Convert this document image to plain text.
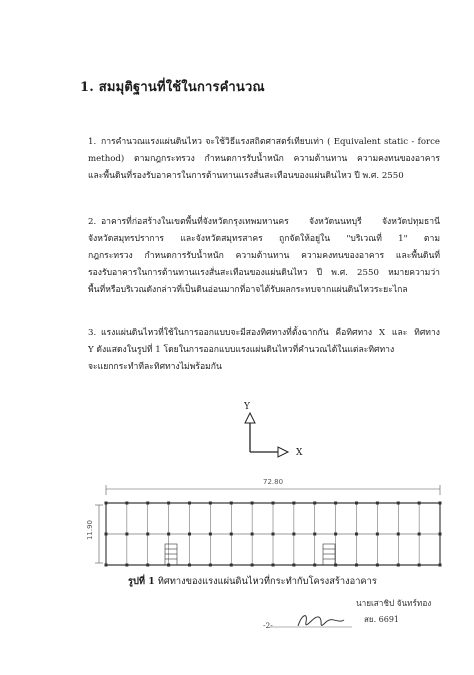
1. สมมุติฐานที่ใช้ในการคำนวณ
1. การคำนวณแรงแผ่นดินไหว จะใช้วิธีแรงสถิตศาสตร์เทียบเท่า ( Equivalent static - force
method) ตามกฎกระทรวง กำหนดการรับน้ำหนัก ความต้านทาน ความคงทนของอาคาร
และพื้นดินที่รองรับอาคารในการต้านทานแรงสั่นสะเทือนของแผ่นดินไหว ปี พ.ศ. 2550
2. อาคารที่ก่อสร้างในเขตพื้นที่จังหวัดกรุงเทพมหานคร จังหวัดนนทบุรี จังหวัดปทุมธานี
จังหวัดสมุทรปราการ และจังหวัดสมุทรสาคร ถูกจัดให้อยู่ใน "บริเวณที่ 1" ตาม
กฎกระทรวง กำหนดการรับน้ำหนัก ความต้านทาน ความคงทนของอาคาร และพื้นดินที่
รองรับอาคารในการต้านทานแรงสั่นสะเทือนของแผ่นดินไหว ปี พ.ศ. 2550 หมายความว่า
พื้นที่หรือบริเวณดังกล่าวที่เป็นดินอ่อนมากที่อาจได้รับผลกระทบจากแผ่นดินไหวระยะไกล
3. แรงแผ่นดินไหวที่ใช้ในการออกแบบจะมีสองทิศทางที่ตั้งฉากกัน คือทิศทาง X และ ทิศทาง
Y ดังแสดงในรูปที่ 1 โดยในการออกแบบแรงแผ่นดินไหวที่คำนวณได้ในแต่ละทิศทาง
จะแยกกระทำทีละทิศทางไม่พร้อมกัน
Y
X
72.80
11.90
รูปที่ 1 ทิศทางของแรงแผ่นดินไหวที่กระทำกับโครงสร้างอาคาร
นายเสาชิป จันทร์ทอง
สย. 6691
-2-
